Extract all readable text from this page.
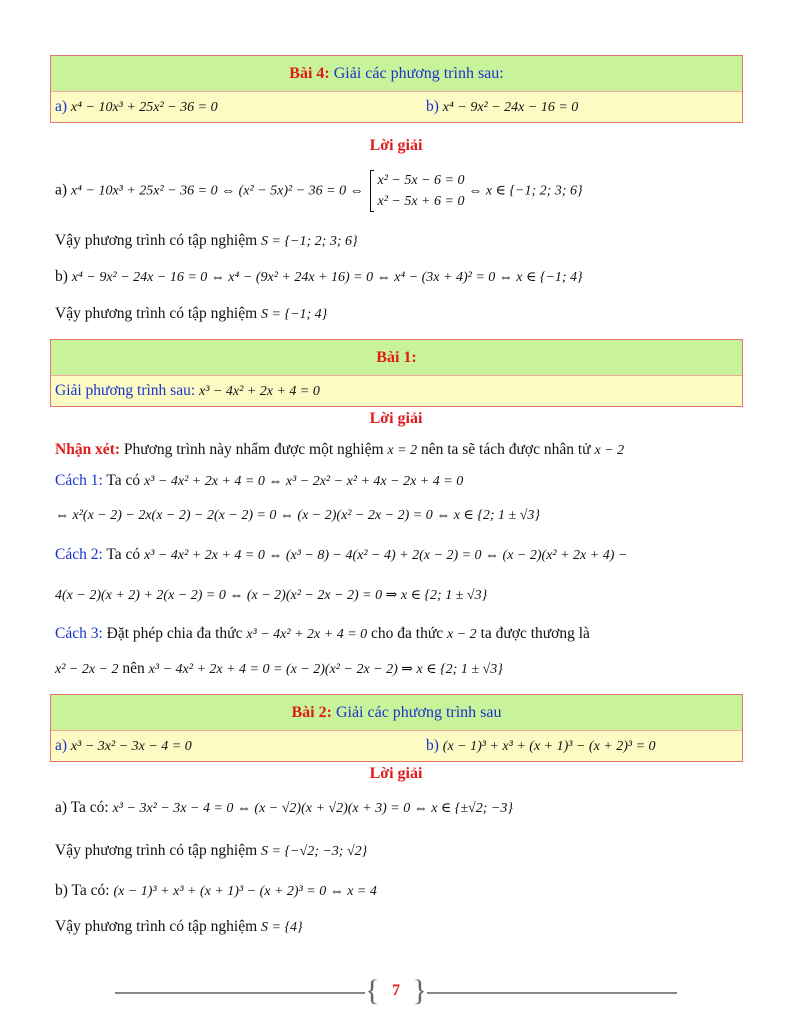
Bài 4: Giải các phương trình sau:
a) x⁴ − 10x³ + 25x² − 36 = 0	b) x⁴ − 9x² − 24x − 16 = 0
Lời giải
a) x⁴ − 10x³ + 25x² − 36 = 0 ⇔ (x² − 5x)² − 36 = 0 ⇔ x² − 5x − 6 = 0
x² − 5x + 6 = 0 ⇔ x ∈ {−1; 2; 3; 6}
Vậy phương trình có tập nghiệm S = {−1; 2; 3; 6}
b) x⁴ − 9x² − 24x − 16 = 0 ⇔ x⁴ − (9x² + 24x + 16) = 0 ⇔ x⁴ − (3x + 4)² = 0 ⇔ x ∈ {−1; 4}
Vậy phương trình có tập nghiệm S = {−1; 4}
Bài 1:
Giải phương trình sau: x³ − 4x² + 2x + 4 = 0
Lời giải
Nhận xét: Phương trình này nhẩm được một nghiệm x = 2 nên ta sẽ tách được nhân tử x − 2
Cách 1: Ta có x³ − 4x² + 2x + 4 = 0 ⇔ x³ − 2x² − x² + 4x − 2x + 4 = 0
⇔ x²(x − 2) − 2x(x − 2) − 2(x − 2) = 0 ⇔ (x − 2)(x² − 2x − 2) = 0 ⇔ x ∈ {2; 1 ± √3}
Cách 2: Ta có x³ − 4x² + 2x + 4 = 0 ⇔ (x³ − 8) − 4(x² − 4) + 2(x − 2) = 0 ⇔ (x − 2)(x² + 2x + 4) −
4(x − 2)(x + 2) + 2(x − 2) = 0 ⇔ (x − 2)(x² − 2x − 2) = 0 ⇒ x ∈ {2; 1 ± √3}
Cách 3: Đặt phép chia đa thức x³ − 4x² + 2x + 4 = 0 cho đa thức x − 2 ta được thương là
x² − 2x − 2 nên x³ − 4x² + 2x + 4 = 0 = (x − 2)(x² − 2x − 2) ⇒ x ∈ {2; 1 ± √3}
Bài 2: Giải các phương trình sau
a) x³ − 3x² − 3x − 4 = 0	b) (x − 1)³ + x³ + (x + 1)³ − (x + 2)³ = 0
Lời giải
a) Ta có: x³ − 3x² − 3x − 4 = 0 ⇔ (x − √2)(x + √2)(x + 3) = 0 ⇔ x ∈ {±√2; −3}
Vậy phương trình có tập nghiệm S = {−√2; −3; √2}
b) Ta có: (x − 1)³ + x³ + (x + 1)³ − (x + 2)³ = 0 ⇔ x = 4
Vậy phương trình có tập nghiệm S = {4}
{ 7 }
